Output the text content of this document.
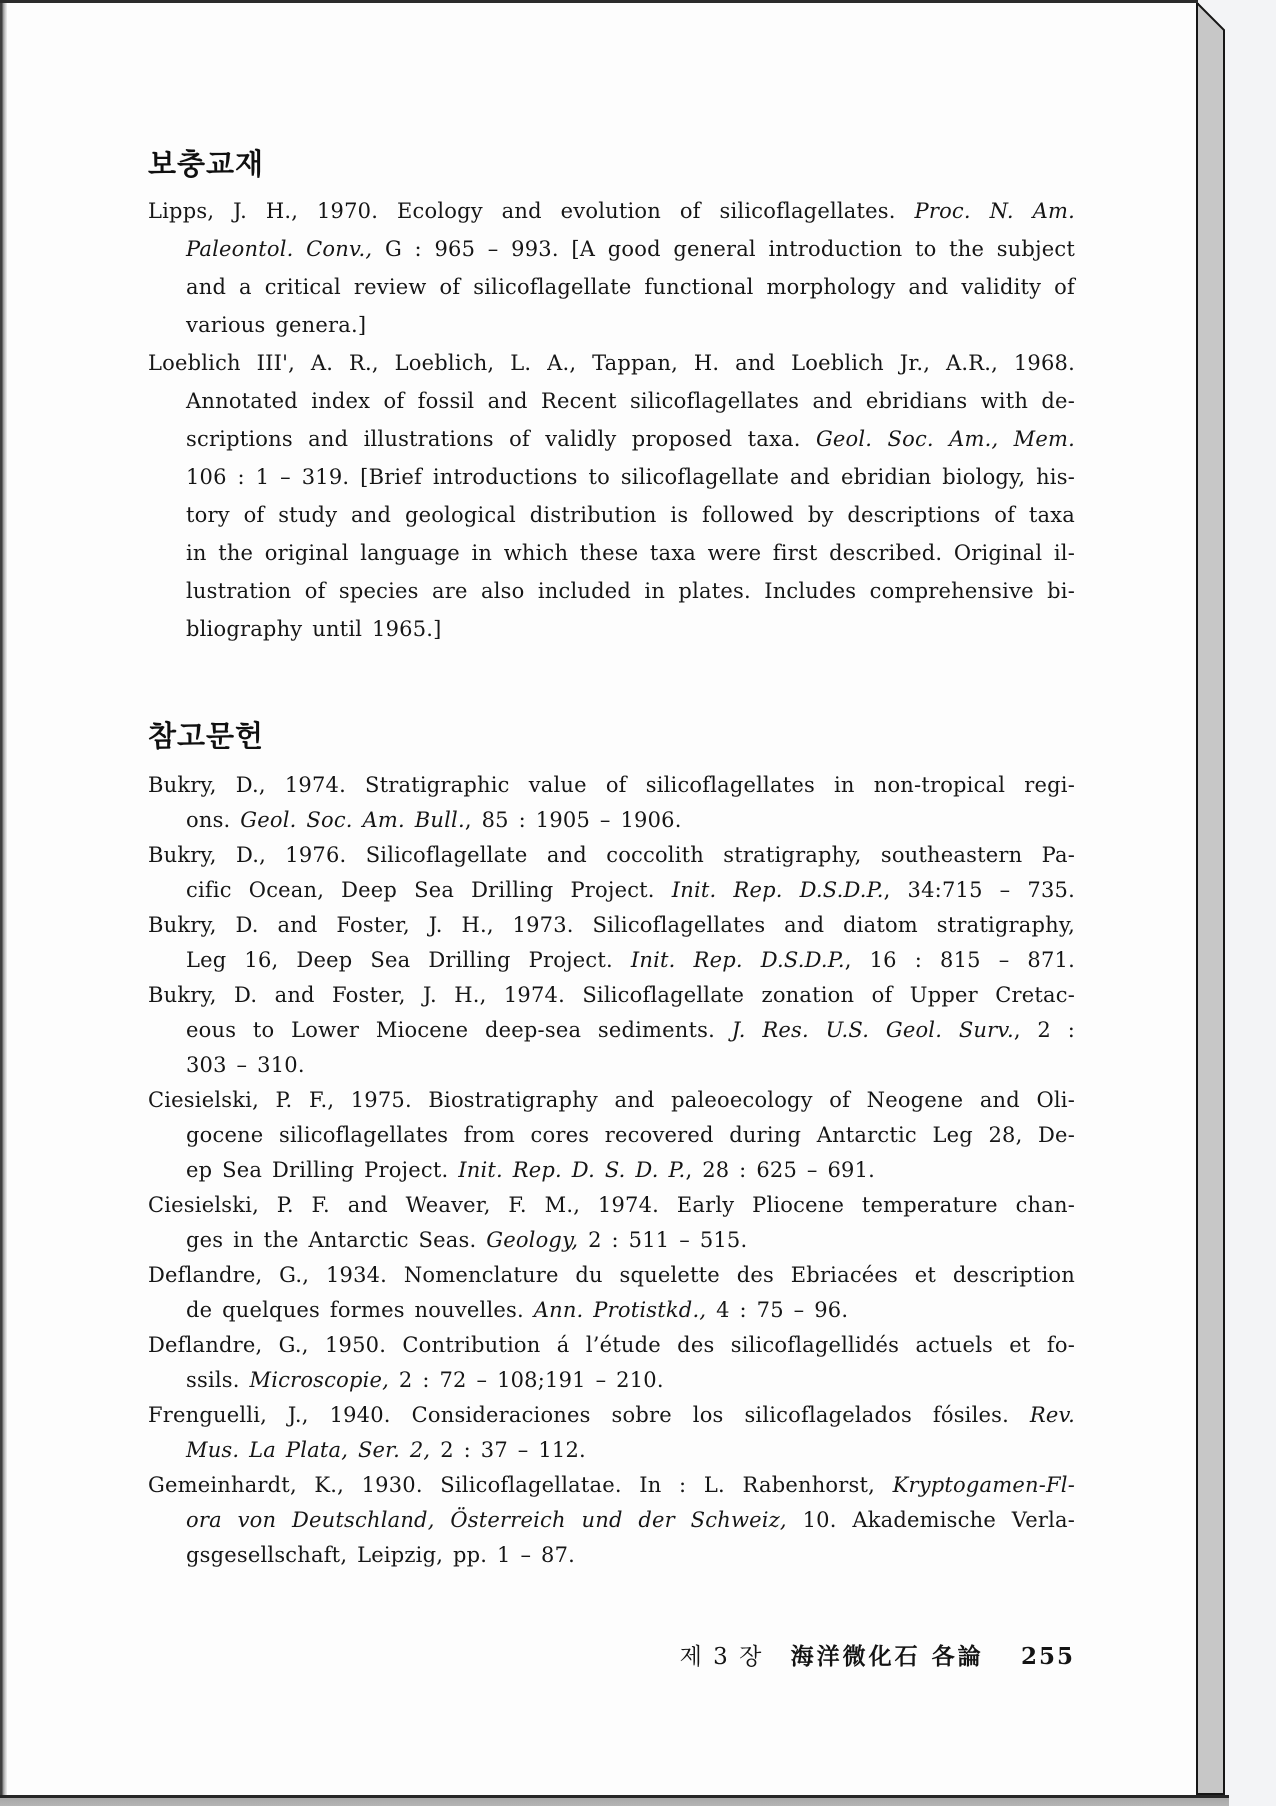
보충교재
Lipps, J. H., 1970. Ecology and evolution of silicoflagellates. Proc. N. Am.
Paleontol. Conv., G : 965 – 993. [A good general introduction to the subject
and a critical review of silicoflagellate functional morphology and validity of
various genera.]
Loeblich III', A. R., Loeblich, L. A., Tappan, H. and Loeblich Jr., A.R., 1968.
Annotated index of fossil and Recent silicoflagellates and ebridians with de-
scriptions and illustrations of validly proposed taxa. Geol. Soc. Am., Mem.
106 : 1 – 319. [Brief introductions to silicoflagellate and ebridian biology, his-
tory of study and geological distribution is followed by descriptions of taxa
in the original language in which these taxa were first described. Original il-
lustration of species are also included in plates. Includes comprehensive bi-
bliography until 1965.]
참고문헌
Bukry, D., 1974. Stratigraphic value of silicoflagellates in non-tropical regi-
ons. Geol. Soc. Am. Bull., 85 : 1905 – 1906.
Bukry, D., 1976. Silicoflagellate and coccolith stratigraphy, southeastern Pa-
cific Ocean, Deep Sea Drilling Project. Init. Rep. D.S.D.P., 34:715 – 735.
Bukry, D. and Foster, J. H., 1973. Silicoflagellates and diatom stratigraphy,
Leg 16, Deep Sea Drilling Project. Init. Rep. D.S.D.P., 16 : 815 – 871.
Bukry, D. and Foster, J. H., 1974. Silicoflagellate zonation of Upper Cretac-
eous to Lower Miocene deep-sea sediments. J. Res. U.S. Geol. Surv., 2 :
303 – 310.
Ciesielski, P. F., 1975. Biostratigraphy and paleoecology of Neogene and Oli-
gocene silicoflagellates from cores recovered during Antarctic Leg 28, De-
ep Sea Drilling Project. Init. Rep. D. S. D. P., 28 : 625 – 691.
Ciesielski, P. F. and Weaver, F. M., 1974. Early Pliocene temperature chan-
ges in the Antarctic Seas. Geology, 2 : 511 – 515.
Deflandre, G., 1934. Nomenclature du squelette des Ebriacées et description
de quelques formes nouvelles. Ann. Protistkd., 4 : 75 – 96.
Deflandre, G., 1950. Contribution á l’étude des silicoflagellidés actuels et fo-
ssils. Microscopie, 2 : 72 – 108;191 – 210.
Frenguelli, J., 1940. Consideraciones sobre los silicoflagelados fósiles. Rev.
Mus. La Plata, Ser. 2, 2 : 37 – 112.
Gemeinhardt, K., 1930. Silicoflagellatae. In : L. Rabenhorst, Kryptogamen-Fl-
ora von Deutschland, Österreich und der Schweiz, 10. Akademische Verla-
gsgesellschaft, Leipzig, pp. 1 – 87.
제 3 장 海洋微化石 各論 255
